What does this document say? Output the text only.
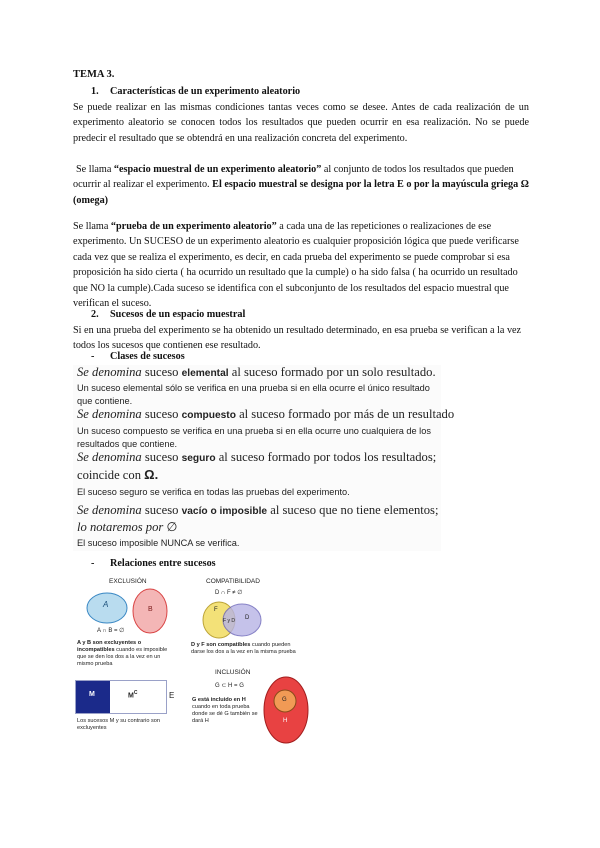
TEMA 3.
1. Características de un experimento aleatorio
Se puede realizar en las mismas condiciones tantas veces como se desee. Antes de cada realización de un experimento aleatorio se conocen todos los resultados que pueden ocurrir en esa realización. No se puede predecir el resultado que se obtendrá en una realización concreta del experimento.
Se llama “espacio muestral de un experimento aleatorio” al conjunto de todos los resultados que pueden ocurrir al realizar el experimento. El espacio muestral se designa por la letra E o por la mayúscula griega Ω (omega)
Se llama “prueba de un experimento aleatorio” a cada una de las repeticiones o realizaciones de ese experimento. Un SUCESO de un experimento aleatorio es cualquier proposición lógica que puede verificarse cada vez que se realiza el experimento, es decir, en cada prueba del experimento se puede comprobar si esa proposición ha sido cierta ( ha ocurrido un resultado que la cumple) o ha sido falsa ( ha ocurrido un resultado que NO la cumple).Cada suceso se identifica con el subconjunto de los resultados del espacio muestral que verifican el suceso.
2. Sucesos de un espacio muestral
Si en una prueba del experimento se ha obtenido un resultado determinado, en esa prueba se verifican a la vez todos los sucesos que contienen ese resultado.
- Clases de sucesos
Se denomina suceso elemental al suceso formado por un solo resultado.
Un suceso elemental sólo se verifica en una prueba si en ella ocurre el único resultado que contiene.
Se denomina suceso compuesto al suceso formado por más de un resultado
Un suceso compuesto se verifica en una prueba si en ella ocurre uno cualquiera de los resultados que contiene.
Se denomina suceso seguro al suceso formado por todos los resultados;
coincide con Ω.
El suceso seguro se verifica en todas las pruebas del experimento.
Se denomina suceso vacío o imposible al suceso que no tiene elementos;
lo notaremos por ∅
El suceso imposible NUNCA se verifica.
- Relaciones entre sucesos
EXCLUSIÓN
A
B
A ∩ B = ∅
A y B son excluyentes o incompatibles cuando es imposible que se den los dos a la vez en un mismo prueba
M	$M^C$	E
Los sucesos M y su contrario son excluyentes
COMPATIBILIDAD
D ∩ F ≠ ∅
F
F y D D
D y F son compatibles cuando pueden darse los dos a la vez en la misma prueba
INCLUSIÓN
G ⊂ H = G
G
H
G está incluido en H cuando en toda prueba donde se dé G también se dará H
